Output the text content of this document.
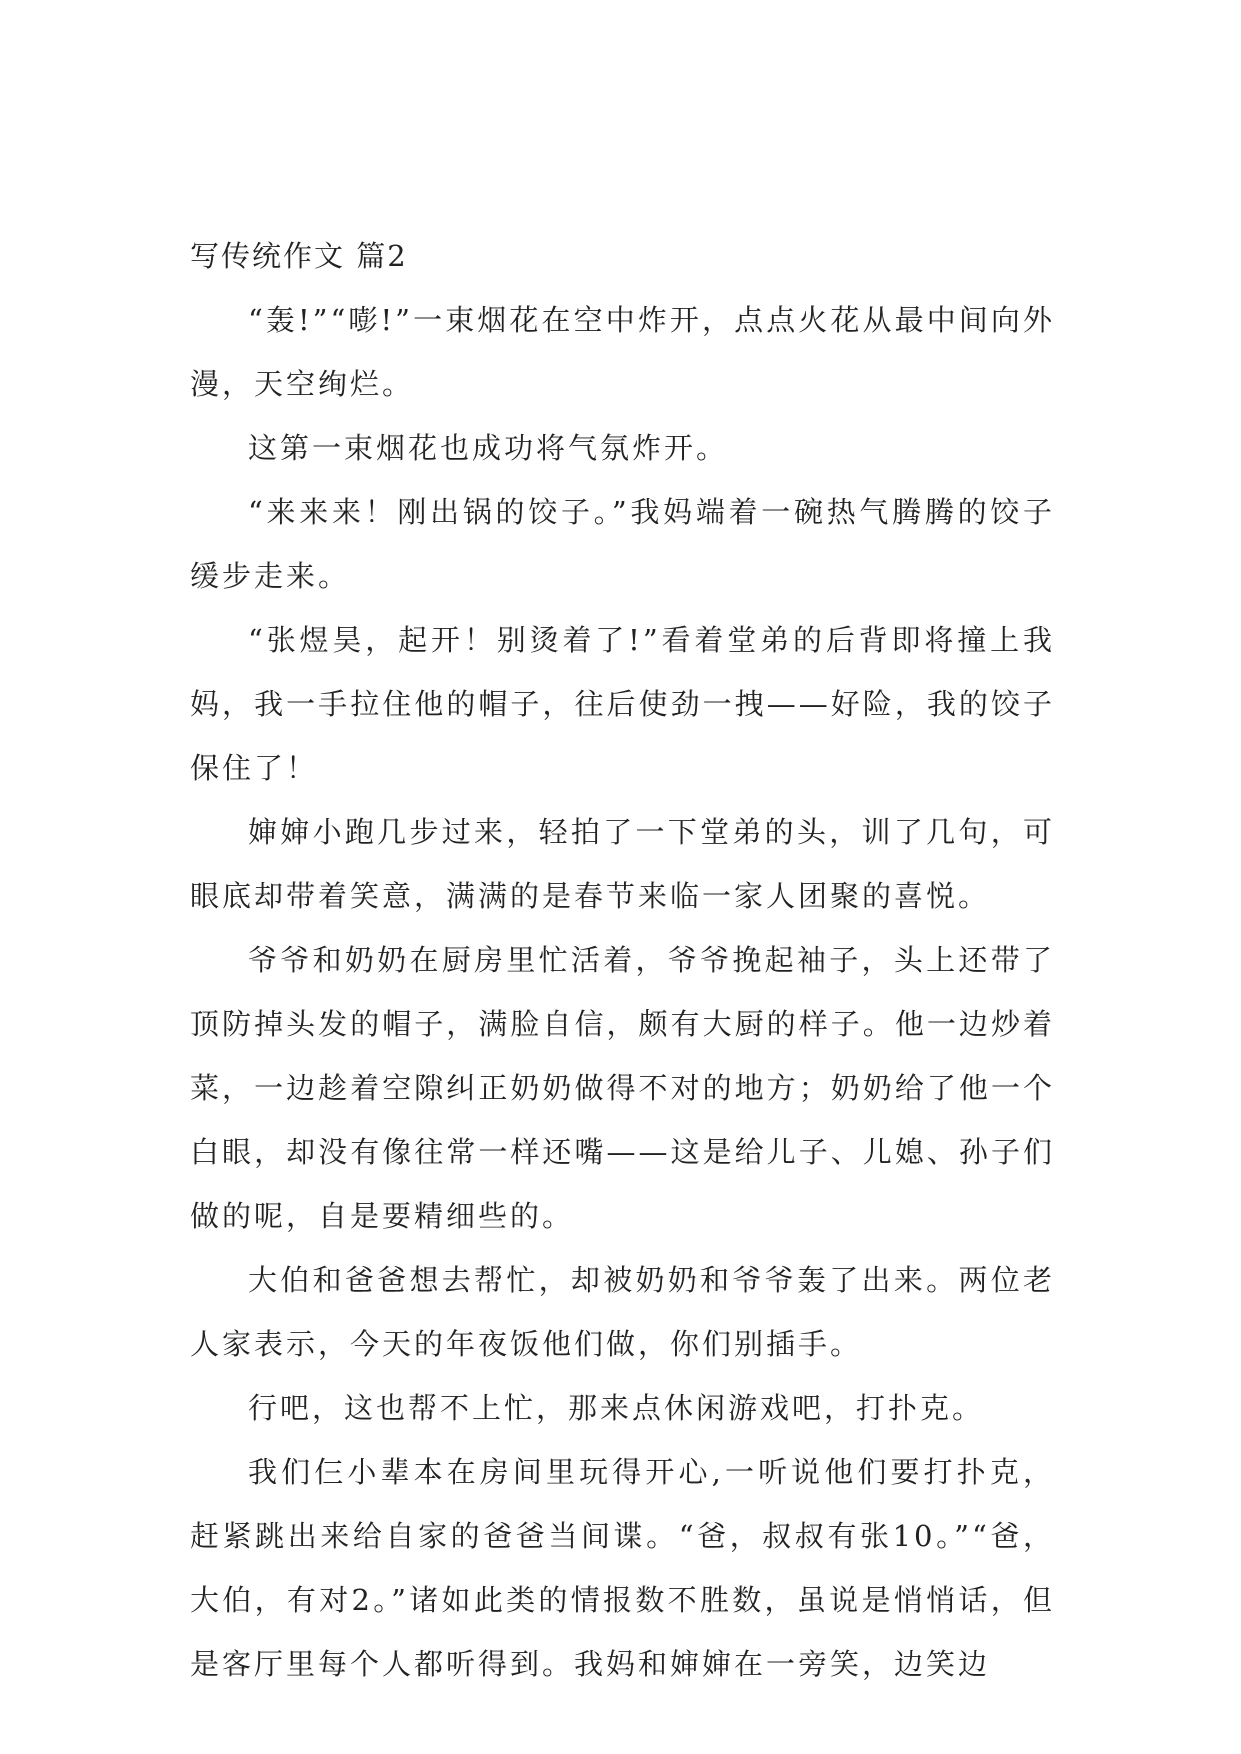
写传统作文 篇2

“轰!”“嘭!”一束烟花在空中炸开，点点火花从最中间向外漫，天空绚烂。

这第一束烟花也成功将气氛炸开。

“来来来！刚出锅的饺子。”我妈端着一碗热气腾腾的饺子缓步走来。

“张煜昊，起开！别烫着了!”看着堂弟的后背即将撞上我妈，我一手拉住他的帽子，往后使劲一拽——好险，我的饺子保住了！

婶婶小跑几步过来，轻拍了一下堂弟的头，训了几句，可眼底却带着笑意，满满的是春节来临一家人团聚的喜悦。

爷爷和奶奶在厨房里忙活着，爷爷挽起袖子，头上还带了顶防掉头发的帽子，满脸自信，颇有大厨的样子。他一边炒着菜，一边趁着空隙纠正奶奶做得不对的地方；奶奶给了他一个白眼，却没有像往常一样还嘴——这是给儿子、儿媳、孙子们做的呢，自是要精细些的。

大伯和爸爸想去帮忙，却被奶奶和爷爷轰了出来。两位老人家表示，今天的年夜饭他们做，你们别插手。

行吧，这也帮不上忙，那来点休闲游戏吧，打扑克。

我们仨小辈本在房间里玩得开心,一听说他们要打扑克，赶紧跳出来给自家的爸爸当间谍。“爸，叔叔有张10。”“爸，大伯，有对2。”诸如此类的情报数不胜数，虽说是悄悄话，但是客厅里每个人都听得到。我妈和婶婶在一旁笑，边笑边
